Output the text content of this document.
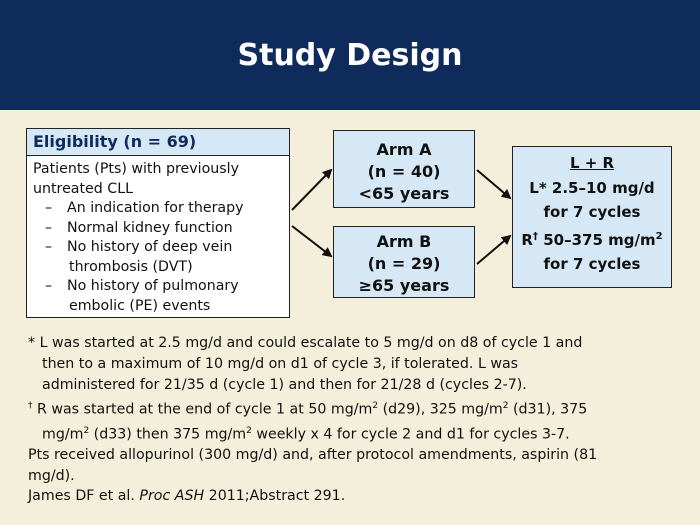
Study Design
Eligibility (n = 69)
Patients (Pts) with previously
untreated CLL
– An indication for therapy
– Normal kidney function
– No history of deep vein
thrombosis (DVT)
– No history of pulmonary
embolic (PE) events
Arm A
(n = 40)
<65 years
Arm B
(n = 29)
≥65 years
L + R
L* 2.5–10 mg/d
for 7 cycles
R† 50–375 $mg/m^2$
for 7 cycles
* L was started at 2.5 mg/d and could escalate to 5 mg/d on d8 of cycle 1 and
then to a maximum of 10 mg/d on d1 of cycle 3, if tolerated. L was
administered for 21/35 d (cycle 1) and then for 21/28 d (cycles 2-7).
† R was started at the end of cycle 1 at 50 $mg/m^2$ (d29), 325 $mg/m^2$ (d31), 375
$mg/m^2$ (d33) then 375 $mg/m^2$ weekly x 4 for cycle 2 and d1 for cycles 3-7.
Pts received allopurinol (300 mg/d) and, after protocol amendments, aspirin (81
mg/d).
James DF et al. Proc ASH 2011;Abstract 291.
